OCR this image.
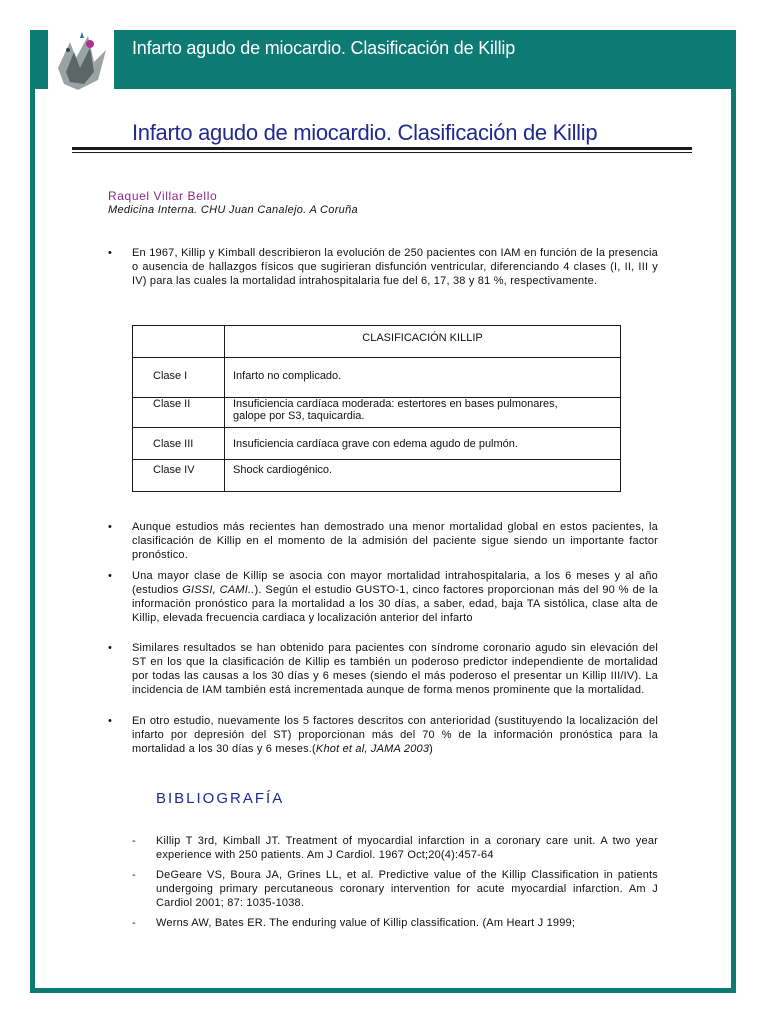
Infarto agudo de miocardio. Clasificación de Killip
Infarto agudo de miocardio. Clasificación de Killip
Raquel Villar Bello
Medicina Interna. CHU Juan Canalejo. A Coruña
• En 1967, Killip y Kimball describieron la evolución de 250 pacientes con IAM en función de la presencia o ausencia de hallazgos físicos que sugirieran disfunción ventricular, diferenciando 4 clases (I, II, III y IV) para las cuales la mortalidad intrahospitalaria fue del 6, 17, 38 y 81 %, respectivamente.
	CLASIFICACIÓN KILLIP
Clase I	Infarto no complicado.
Clase II	Insuficiencia cardíaca moderada: estertores en bases pulmonares, galope por S3, taquicardia.
Clase III	Insuficiencia cardíaca grave con edema agudo de pulmón.
Clase IV	Shock cardiogénico.
• Aunque estudios más recientes han demostrado una menor mortalidad global en estos pacientes, la clasificación de Killip en el momento de la admisión del paciente sigue siendo un importante factor pronóstico.
• Una mayor clase de Killip se asocia con mayor mortalidad intrahospitalaria, a los 6 meses y al año (estudios GISSI, CAMI..). Según el estudio GUSTO-1, cinco factores proporcionan más del 90 % de la información pronóstico para la mortalidad a los 30 días, a saber, edad, baja TA sistólica, clase alta de Killip, elevada frecuencia cardiaca y localización anterior del infarto
• Similares resultados se han obtenido para pacientes con síndrome coronario agudo sin elevación del ST en los que la clasificación de Killip es también un poderoso predictor independiente de mortalidad por todas las causas a los 30 días y 6 meses (siendo el más poderoso el presentar un Killip III/IV). La incidencia de IAM también está incrementada aunque de forma menos prominente que la mortalidad.
• En otro estudio, nuevamente los 5 factores descritos con anterioridad (sustituyendo la localización del infarto por depresión del ST) proporcionan más del 70 % de la información pronóstica para la mortalidad a los 30 días y 6 meses.(Khot et al, JAMA 2003)
BIBLIOGRAFÍA
- Killip T 3rd, Kimball JT. Treatment of myocardial infarction in a coronary care unit. A two year experience with 250 patients. Am J Cardiol. 1967 Oct;20(4):457-64
- DeGeare VS, Boura JA, Grines LL, et al. Predictive value of the Killip Classification in patients undergoing primary percutaneous coronary intervention for acute myocardial infarction. Am J Cardiol 2001; 87: 1035-1038.
- Werns AW, Bates ER. The enduring value of Killip classification. (Am Heart J 1999;
